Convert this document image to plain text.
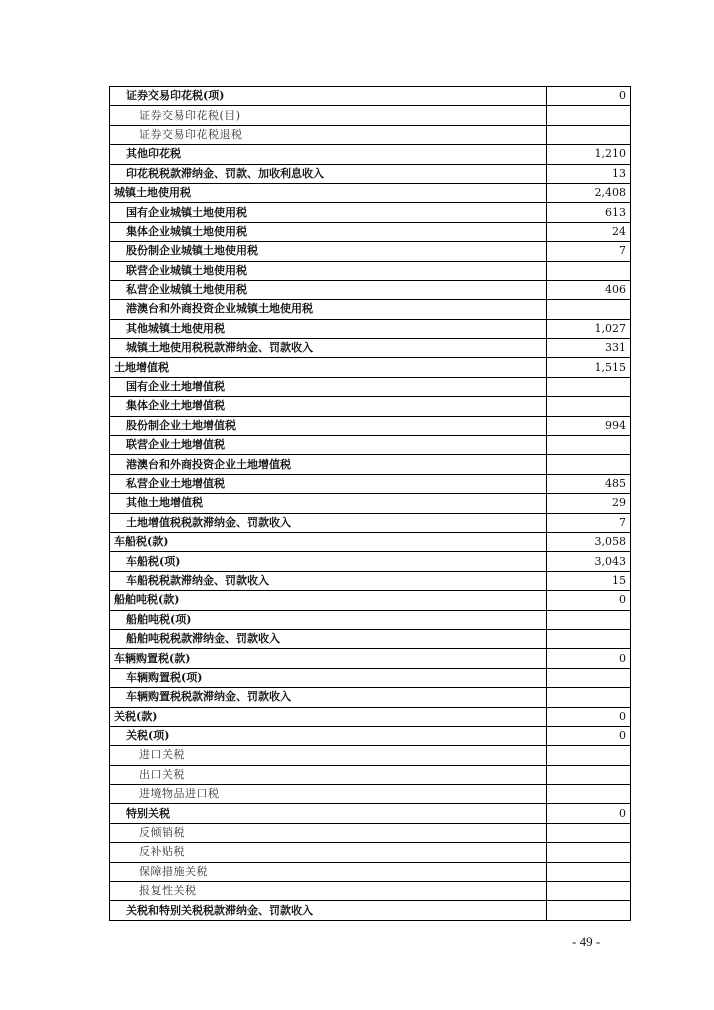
证券交易印花税(项)	0
证券交易印花税(目)	
证券交易印花税退税	
其他印花税	1,210
印花税税款滞纳金、罚款、加收利息收入	13
城镇土地使用税	2,408
国有企业城镇土地使用税	613
集体企业城镇土地使用税	24
股份制企业城镇土地使用税	7
联营企业城镇土地使用税	
私营企业城镇土地使用税	406
港澳台和外商投资企业城镇土地使用税	
其他城镇土地使用税	1,027
城镇土地使用税税款滞纳金、罚款收入	331
土地增值税	1,515
国有企业土地增值税	
集体企业土地增值税	
股份制企业土地增值税	994
联营企业土地增值税	
港澳台和外商投资企业土地增值税	
私营企业土地增值税	485
其他土地增值税	29
土地增值税税款滞纳金、罚款收入	7
车船税(款)	3,058
车船税(项)	3,043
车船税税款滞纳金、罚款收入	15
船舶吨税(款)	0
船舶吨税(项)	
船舶吨税税款滞纳金、罚款收入	
车辆购置税(款)	0
车辆购置税(项)	
车辆购置税税款滞纳金、罚款收入	
关税(款)	0
关税(项)	0
进口关税	
出口关税	
进境物品进口税	
特别关税	0
反倾销税	
反补贴税	
保障措施关税	
报复性关税	
关税和特别关税税款滞纳金、罚款收入	
- 49 -
